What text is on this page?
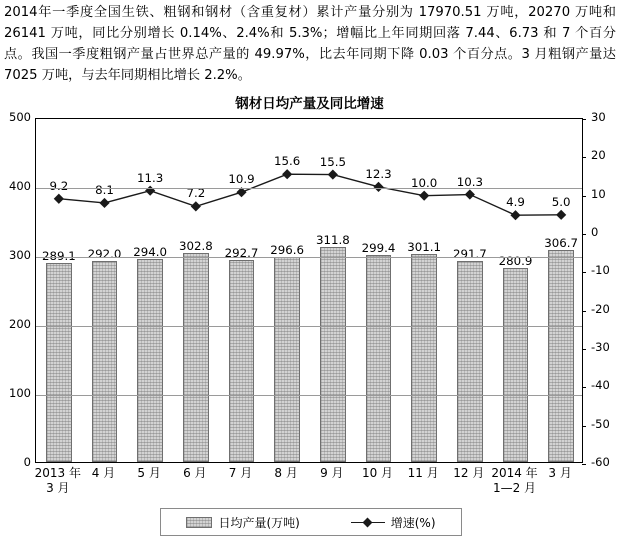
2014年一季度全国生铁、粗钢和钢材（含重复材）累计产量分别为 17970.51 万吨，20270 万吨和 26141 万吨，同比分别增长 0.14%、2.4%和 5.3%；增幅比上年同期回落 7.44、6.73 和 7 个百分点。我国一季度粗钢产量占世界总产量的 49.97%，比去年同期下降 0.03 个百分点。3 月粗钢产量达 7025 万吨，与去年同期相比增长 2.2%。
钢材日均产量及同比增速
289.1 292.0 294.0 302.8 292.7 296.6
311.8
299.4 301.1 291.7
280.9
306.7
9.2 8.1
11.3
7.2
10.9
15.6 15.5
12.3
10.0 10.3
4.9 5.0
0
100
200
300
400
500	30
20
10
0
-10
-20
-30
-40
-50
-60
2013 年
3 月
4 月 5 月 6 月 7 月 8 月 9 月 10 月 11 月 12 月 2014 年
1—2 月
3 月
日均产量(万吨)	增速(%)
